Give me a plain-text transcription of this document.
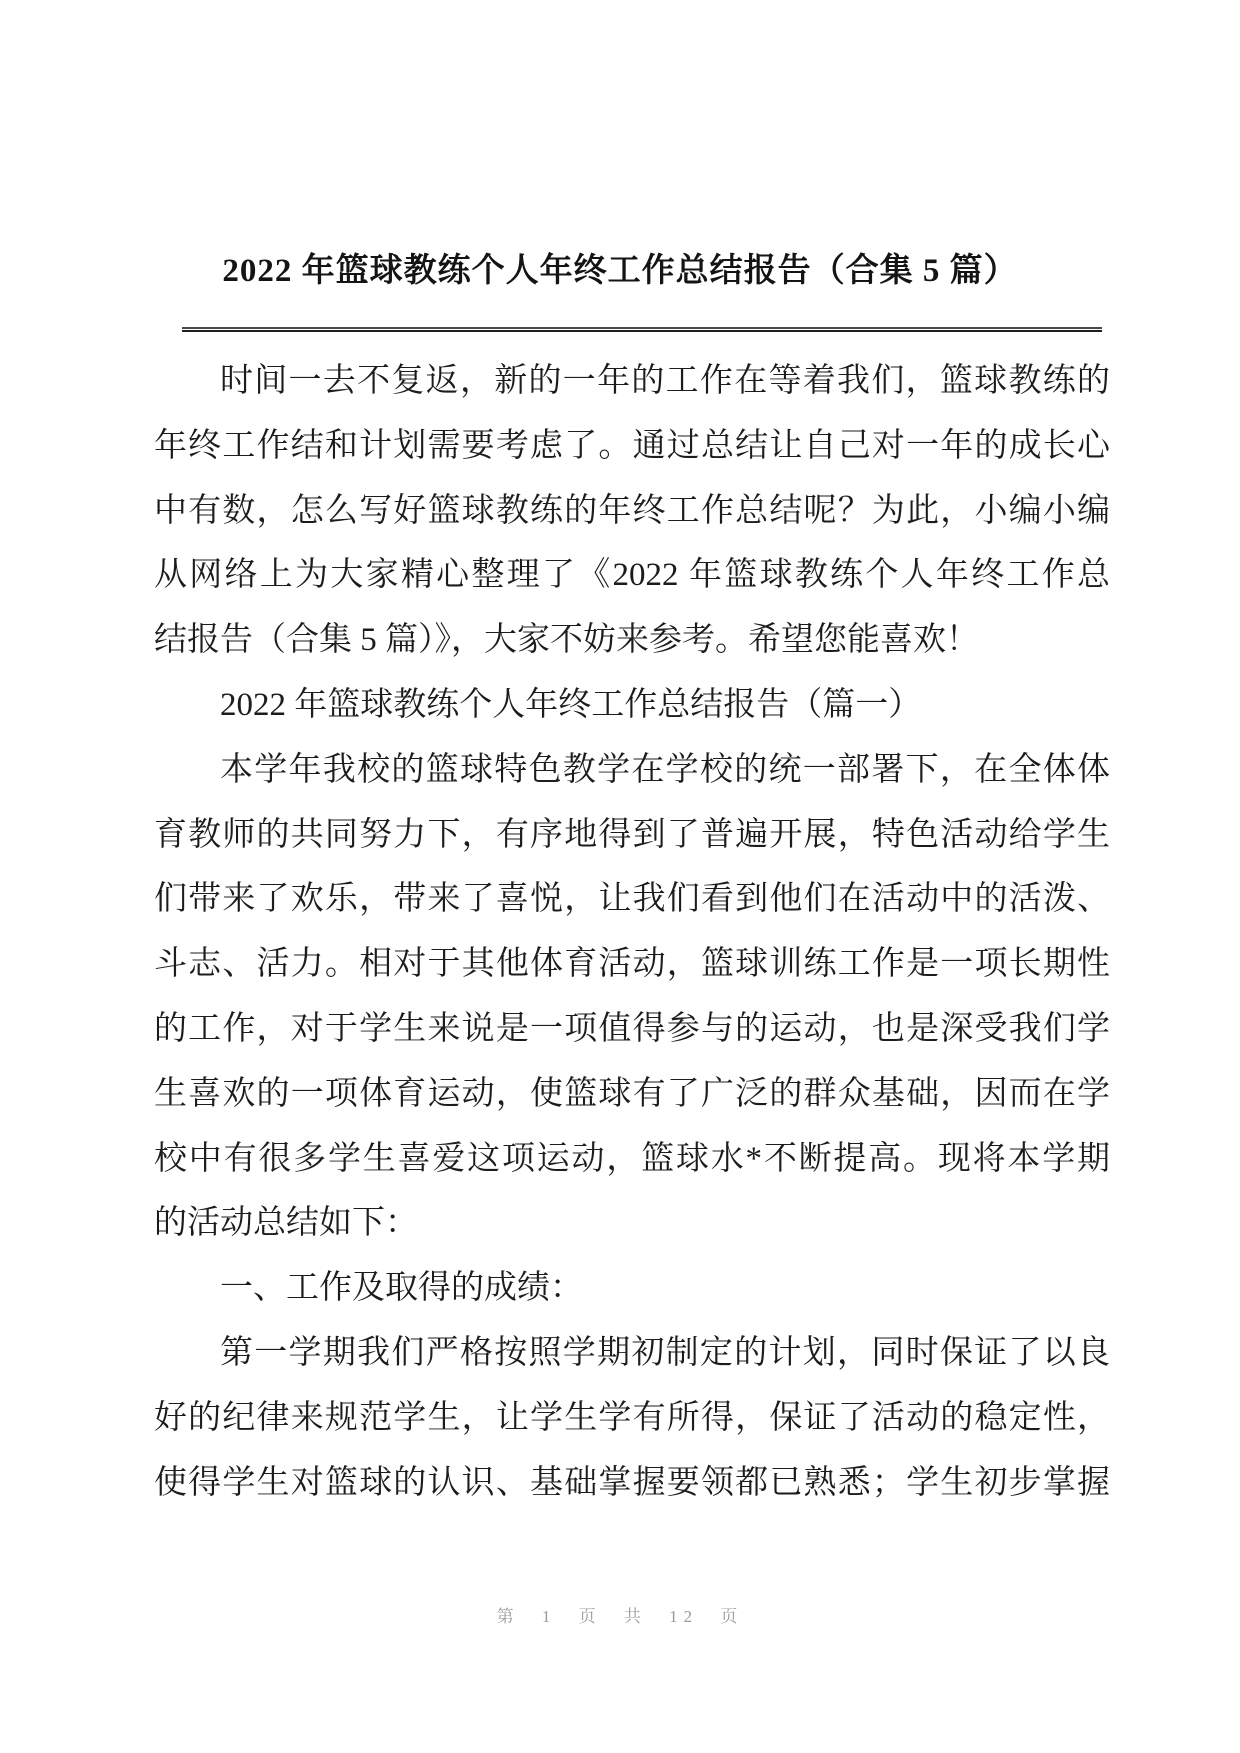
2022 年篮球教练个人年终工作总结报告（合集 5 篇）
时间一去不复返，新的一年的工作在等着我们，篮球教练的
年终工作结和计划需要考虑了。通过总结让自己对一年的成长心
中有数，怎么写好篮球教练的年终工作总结呢？为此，小编小编
从网络上为大家精心整理了《2022 年篮球教练个人年终工作总
结报告（合集 5 篇）》，大家不妨来参考。希望您能喜欢！
2022 年篮球教练个人年终工作总结报告（篇一）
本学年我校的篮球特色教学在学校的统一部署下，在全体体
育教师的共同努力下，有序地得到了普遍开展，特色活动给学生
们带来了欢乐，带来了喜悦，让我们看到他们在活动中的活泼、
斗志、活力。相对于其他体育活动，篮球训练工作是一项长期性
的工作，对于学生来说是一项值得参与的运动，也是深受我们学
生喜欢的一项体育运动，使篮球有了广泛的群众基础，因而在学
校中有很多学生喜爱这项运动，篮球水*不断提高。现将本学期
的活动总结如下：
一、工作及取得的成绩：
第一学期我们严格按照学期初制定的计划，同时保证了以良
好的纪律来规范学生，让学生学有所得，保证了活动的稳定性，
使得学生对篮球的认识、基础掌握要领都已熟悉；学生初步掌握
第 1 页 共 12 页
